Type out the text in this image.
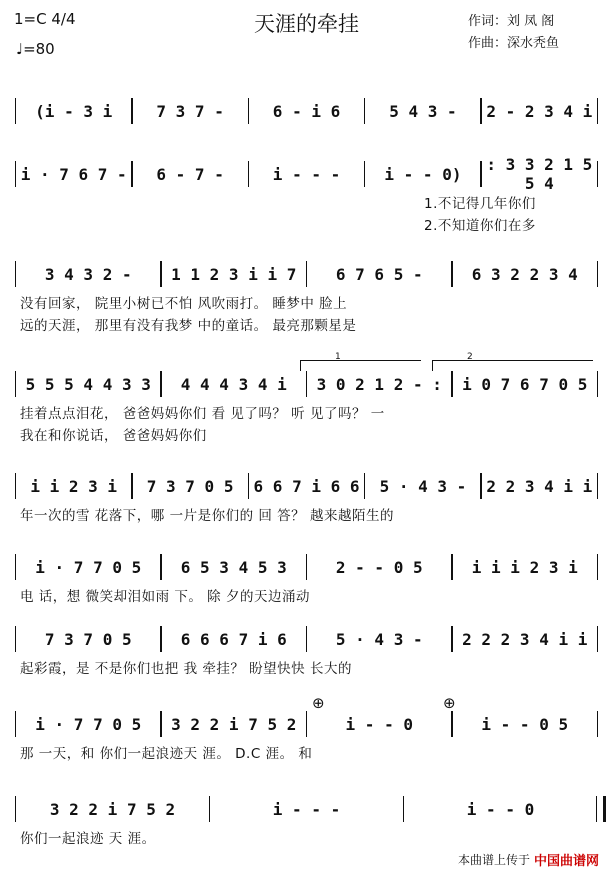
1=C 4/4
♩=80
天涯的牵挂	作词：刘 凤 阁
作曲：深水秃鱼
(i - 3 i	7 3 7 -	6 - i 6	5 4 3 -	2 - 2 3 4 i
i · 7 6 7 -	6 - 7 -	i - - -	i - - 0)	: 3 3 2 1 5 5 4
1.不记得几年你们
2.不知道你们在多
3 4 3 2 -	1 1 2 3 i i 7	6 7 6 5 -	6 3 2 2 3 4
没有回家， 院里小树已不怕 风吹雨打。 睡梦中 脸上
远的天涯， 那里有没有我梦 中的童话。 最亮那颗星是
5 5 5 4 4 3 3	4 4 4 3 4 i	3 0 2 1 2 - :	i 0 7 6 7 0 5
挂着点点泪花， 爸爸妈妈你们 看 见了吗？ 听 见了吗？ 一
我在和你说话， 爸爸妈妈你们
1	2
i i 2 3 i	7 3 7 0 5	6 6 7 i 6 6	5 · 4 3 -	2 2 3 4 i i
年一次的雪 花落下，哪 一片是你们的 回 答？ 越来越陌生的
i · 7 7 0 5	6 5 3 4 5 3	2 - - 0 5	i i i 2 3 i
电 话，想 微笑却泪如雨 下。 除 夕的天边涌动
7 3 7 0 5	6 6 6 7 i 6	5 · 4 3 -	2 2 2 3 4 i i
起彩霞，是 不是你们也把 我 牵挂？ 盼望快快 长大的
i · 7 7 0 5	3 2 2 i 7 5 2	i - - 0	i - - 0 5
那 一天，和 你们一起浪迹天 涯。 D.C 涯。 和
⊕	⊕
3 2 2 i 7 5 2	i - - -	i - - 0
你们一起浪迹 天 涯。
本曲谱上传于 中国曲谱网
